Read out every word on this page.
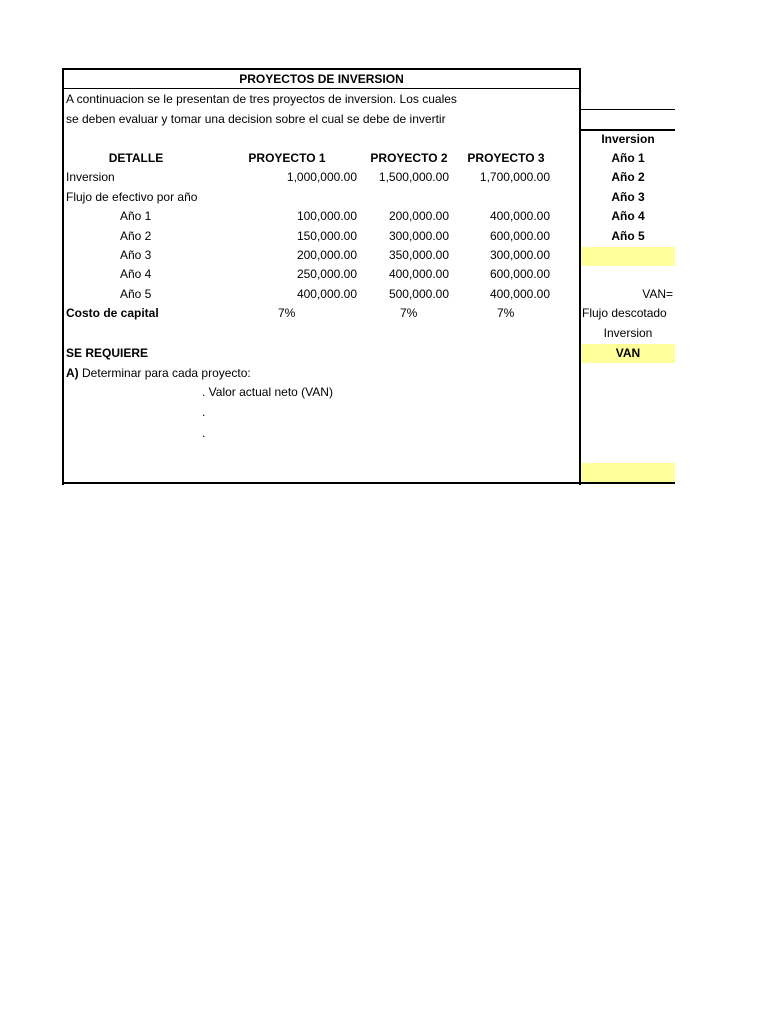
PROYECTOS DE INVERSION
A continuacion se le presentan de tres proyectos de inversion. Los cuales
se deben evaluar y tomar una decision sobre el cual se debe de invertir
DETALLE	PROYECTO 1	PROYECTO 2	PROYECTO 3
Inversion	1,000,000.00	1,500,000.00	1,700,000.00
Flujo de efectivo por año
Año 1	100,000.00	200,000.00	400,000.00
Año 2	150,000.00	300,000.00	600,000.00
Año 3	200,000.00	350,000.00	300,000.00
Año 4	250,000.00	400,000.00	600,000.00
Año 5	400,000.00	500,000.00	400,000.00
Costo de capital	7%	7%	7%
SE REQUIERE
A) Determinar para cada proyecto:
. Valor actual neto (VAN)
.
.
Inversion
Año 1
Año 2
Año 3
Año 4
Año 5
VAN=
Flujo descotado
Inversion
VAN
